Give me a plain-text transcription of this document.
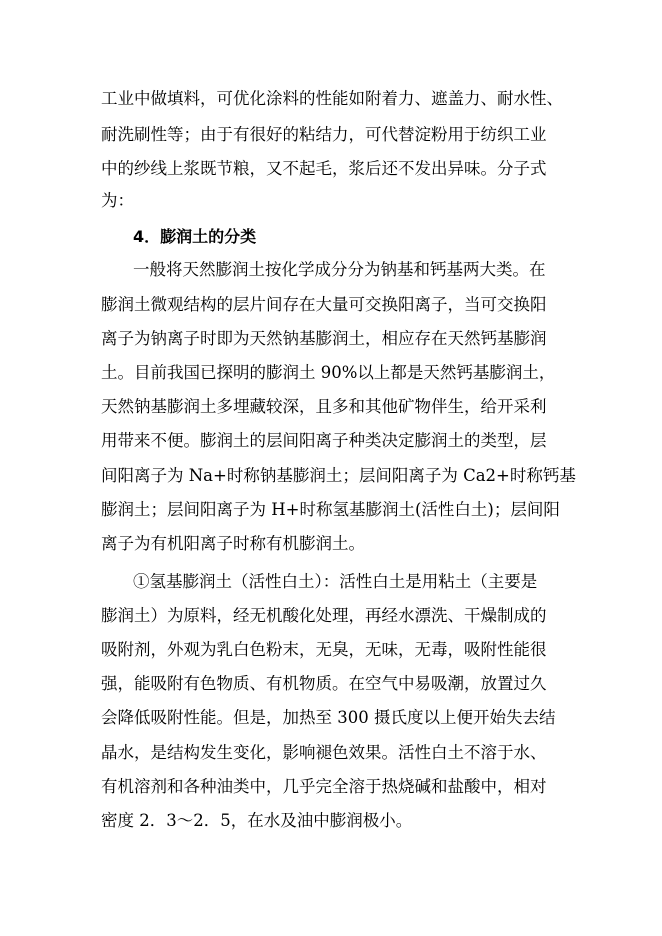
工业中做填料，可优化涂料的性能如附着力、遮盖力、耐水性、
耐洗刷性等；由于有很好的粘结力，可代替淀粉用于纺织工业
中的纱线上浆既节粮，又不起毛，浆后还不发出异味。分子式
为：
4．膨润土的分类
一般将天然膨润土按化学成分分为钠基和钙基两大类。在
膨润土微观结构的层片间存在大量可交换阳离子，当可交换阳
离子为钠离子时即为天然钠基膨润土，相应存在天然钙基膨润
土。目前我国已探明的膨润土 90%以上都是天然钙基膨润土，
天然钠基膨润土多埋藏较深，且多和其他矿物伴生，给开采利
用带来不便。膨润土的层间阳离子种类决定膨润土的类型，层
间阳离子为 Na+时称钠基膨润土；层间阳离子为 Ca2+时称钙基
膨润土；层间阳离子为 H+时称氢基膨润土(活性白土)；层间阳
离子为有机阳离子时称有机膨润土。
①氢基膨润土（活性白土）：活性白土是用粘土（主要是
膨润土）为原料，经无机酸化处理，再经水漂洗、干燥制成的
吸附剂，外观为乳白色粉末，无臭，无味，无毒，吸附性能很
强，能吸附有色物质、有机物质。在空气中易吸潮，放置过久
会降低吸附性能。但是，加热至 300 摄氏度以上便开始失去结
晶水，是结构发生变化，影响褪色效果。活性白土不溶于水、
有机溶剂和各种油类中，几乎完全溶于热烧碱和盐酸中，相对
密度 2．3～2．5，在水及油中膨润极小。
